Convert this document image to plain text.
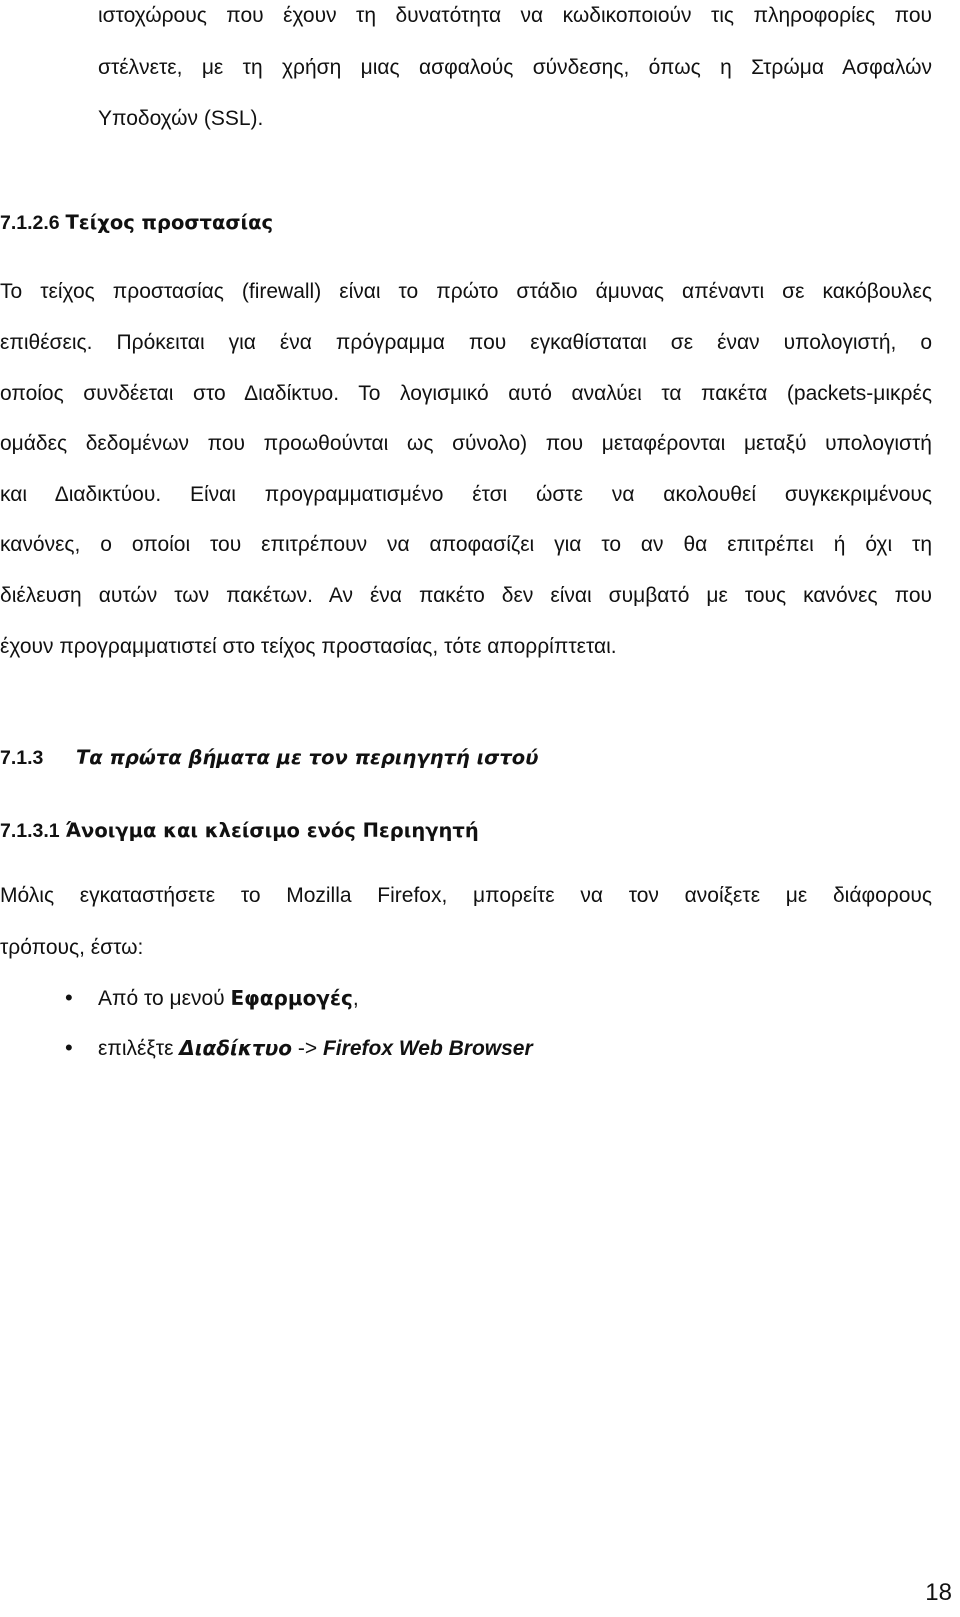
ιστοχώρους που έχουν τη δυνατότητα να κωδικοποιούν τις πληροφορίες που
στέλνετε, με τη χρήση μιας ασφαλούς σύνδεσης, όπως η Στρώμα Ασφαλών
Υποδοχών (SSL).
7.1.2.6 Τείχος προστασίας
Το τείχος προστασίας (firewall) είναι το πρώτο στάδιο άμυνας απέναντι σε κακόβουλες
επιθέσεις. Πρόκειται για ένα πρόγραμμα που εγκαθίσταται σε έναν υπολογιστή, ο
οποίος συνδέεται στο Διαδίκτυο. Το λογισμικό αυτό αναλύει τα πακέτα (packets-μικρές
ομάδες δεδομένων που προωθούνται ως σύνολο) που μεταφέρονται μεταξύ υπολογιστή
και Διαδικτύου. Είναι προγραμματισμένο έτσι ώστε να ακολουθεί συγκεκριμένους
κανόνες, ο οποίοι του επιτρέπουν να αποφασίζει για το αν θα επιτρέπει ή όχι τη
διέλευση αυτών των πακέτων. Αν ένα πακέτο δεν είναι συμβατό με τους κανόνες που
έχουν προγραμματιστεί στο τείχος προστασίας, τότε απορρίπτεται.
7.1.3 Τα πρώτα βήματα με τον περιηγητή ιστού
7.1.3.1 Άνοιγμα και κλείσιμο ενός Περιηγητή
Μόλις εγκαταστήσετε το Mozilla Firefox, μπορείτε να τον ανοίξετε με διάφορους
τρόπους, έστω:
• Από το μενού Εφαρμογές,
• επιλέξτε Διαδίκτυο -> Firefox Web Browser
18
